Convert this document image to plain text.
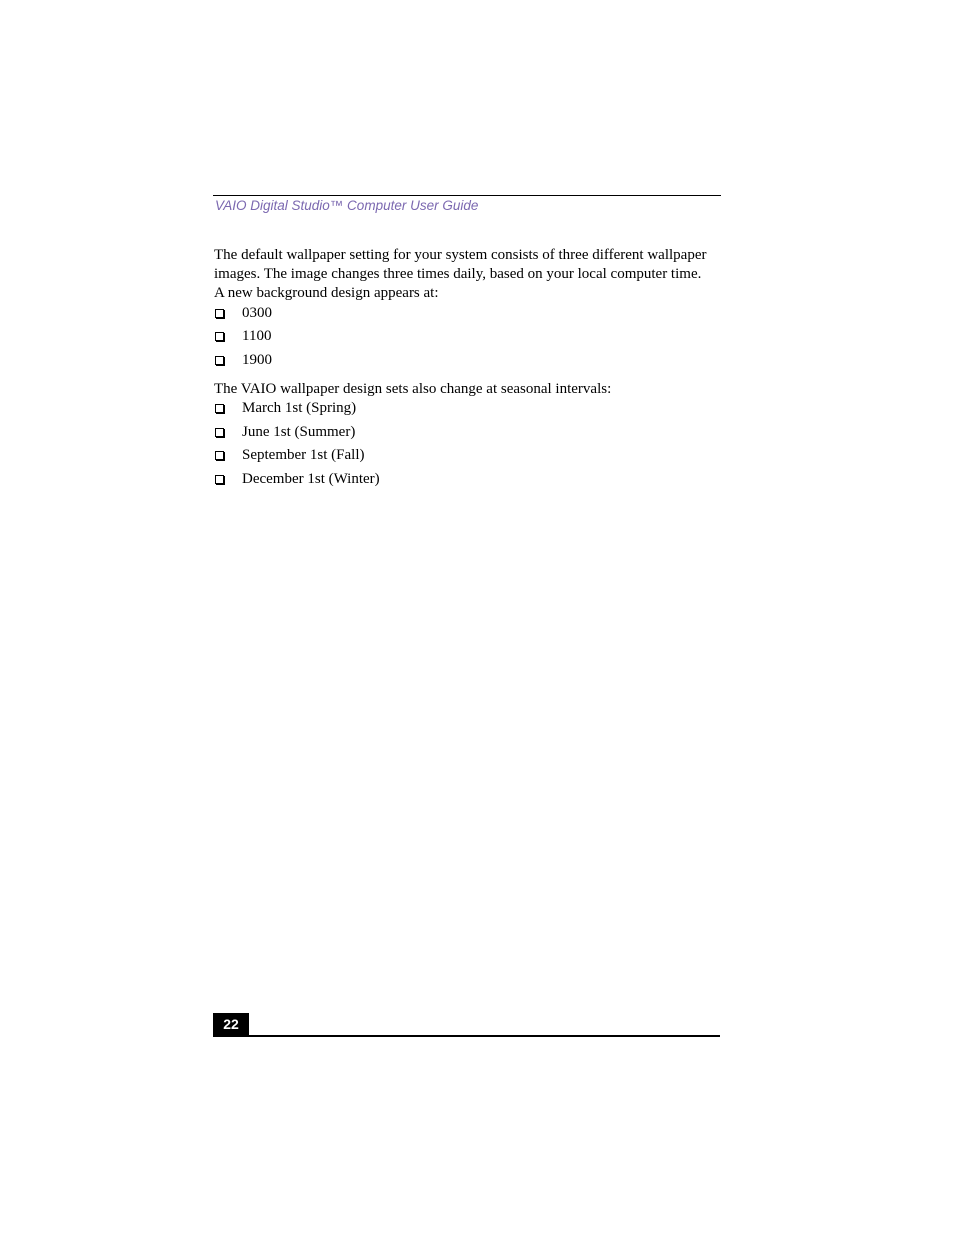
VAIO Digital Studio™ Computer User Guide

The default wallpaper setting for your system consists of three different wallpaper images. The image changes three times daily, based on your local computer time. A new background design appears at:

0300
1100
1900

The VAIO wallpaper design sets also change at seasonal intervals:

March 1st (Spring)
June 1st (Summer)
September 1st (Fall)
December 1st (Winter)
22
